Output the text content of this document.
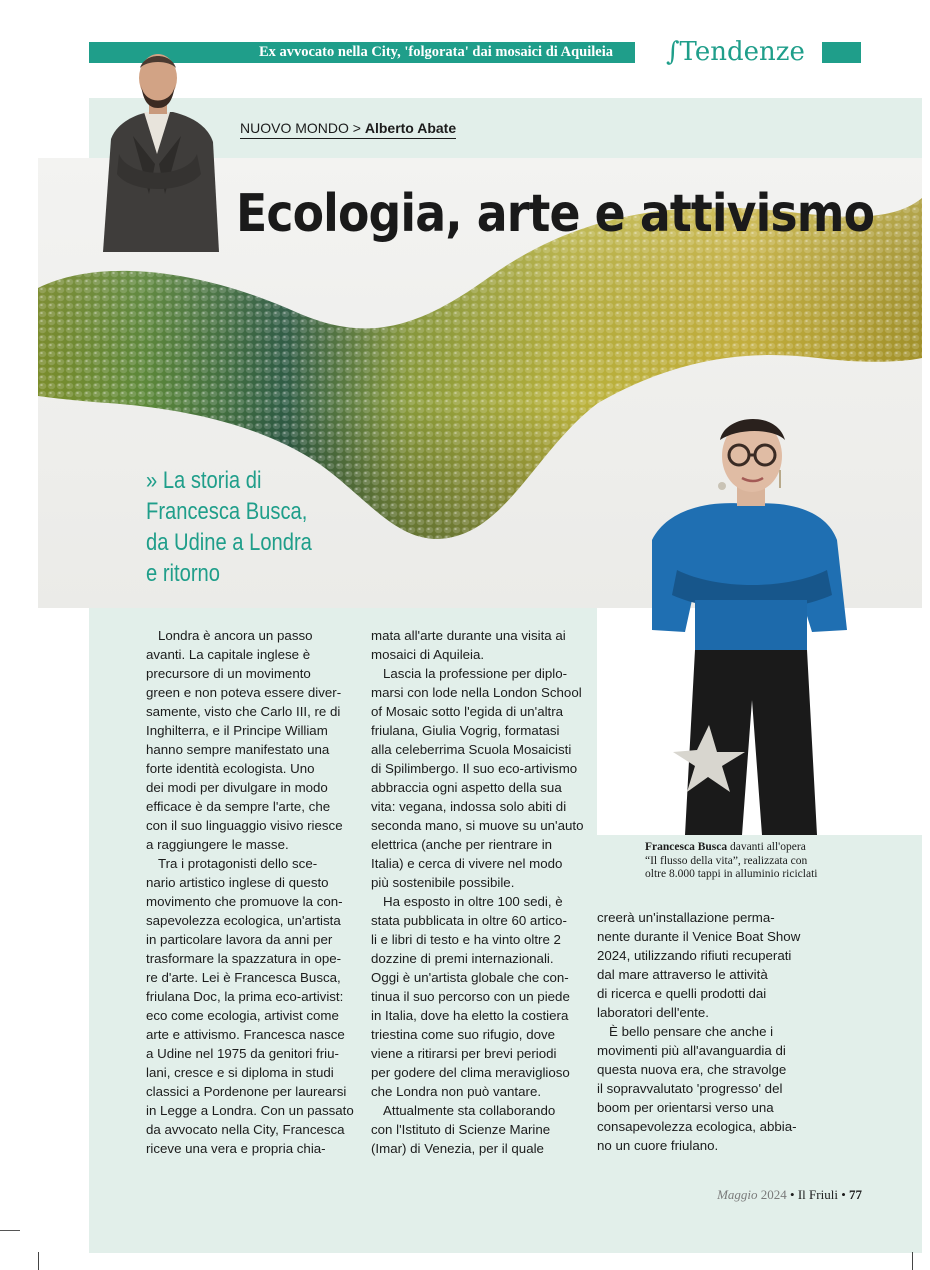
Ex avvocato nella City, 'folgorata' dai mosaici di Aquileia	∫Tendenze
NUOVO MONDO > Alberto Abate
Ecologia, arte e attivismo
» La storia di
Francesca Busca,
da Udine a Londra
e ritorno
Londra è ancora un passo
avanti. La capitale inglese è
precursore di un movimento
green e non poteva essere diver-
samente, visto che Carlo III, re di
Inghilterra, e il Principe William
hanno sempre manifestato una
forte identità ecologista. Uno
dei modi per divulgare in modo
efficace è da sempre l'arte, che
con il suo linguaggio visivo riesce
a raggiungere le masse.
Tra i protagonisti dello sce-
nario artistico inglese di questo
movimento che promuove la con-
sapevolezza ecologica, un'artista
in particolare lavora da anni per
trasformare la spazzatura in ope-
re d'arte. Lei è Francesca Busca,
friulana Doc, la prima eco-artivist:
eco come ecologia, artivist come
arte e attivismo. Francesca nasce
a Udine nel 1975 da genitori friu-
lani, cresce e si diploma in studi
classici a Pordenone per laurearsi
in Legge a Londra. Con un passato
da avvocato nella City, Francesca
riceve una vera e propria chia-
mata all'arte durante una visita ai
mosaici di Aquileia.
Lascia la professione per diplo-
marsi con lode nella London School
of Mosaic sotto l'egida di un'altra
friulana, Giulia Vogrig, formatasi
alla celeberrima Scuola Mosaicisti
di Spilimbergo. Il suo eco-artivismo
abbraccia ogni aspetto della sua
vita: vegana, indossa solo abiti di
seconda mano, si muove su un'auto
elettrica (anche per rientrare in
Italia) e cerca di vivere nel modo
più sostenibile possibile.
Ha esposto in oltre 100 sedi, è
stata pubblicata in oltre 60 artico-
li e libri di testo e ha vinto oltre 2
dozzine di premi internazionali.
Oggi è un'artista globale che con-
tinua il suo percorso con un piede
in Italia, dove ha eletto la costiera
triestina come suo rifugio, dove
viene a ritirarsi per brevi periodi
per godere del clima meraviglioso
che Londra non può vantare.
Attualmente sta collaborando
con l'Istituto di Scienze Marine
(Imar) di Venezia, per il quale
creerà un'installazione perma-
nente durante il Venice Boat Show
2024, utilizzando rifiuti recuperati
dal mare attraverso le attività
di ricerca e quelli prodotti dai
laboratori dell'ente.
È bello pensare che anche i
movimenti più all'avanguardia di
questa nuova era, che stravolge
il sopravvalutato 'progresso' del
boom per orientarsi verso una
consapevolezza ecologica, abbia-
no un cuore friulano.
Francesca Busca davanti all'opera
“Il flusso della vita”, realizzata con
oltre 8.000 tappi in alluminio riciclati
Maggio 2024 • Il Friuli • 77
